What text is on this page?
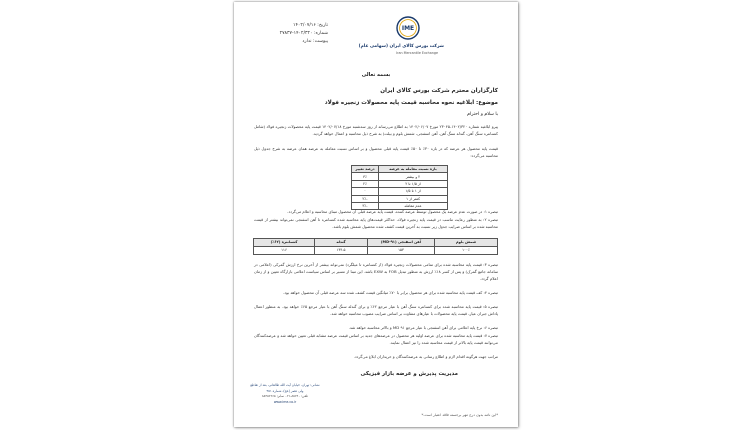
تاریخ: ۱۴۰۲/۰۷/۱۶
شماره: ۱۴۰۲/۳۲۰-۲۷۸۳۷
پیوست: ندارد
IME
شرکت بورس کالای ایران (سهامی عام)
Iran Mercantile Exchange
بسمه تعالی
کارگزاران محترم شرکت بورس کالای ایران
موضوع: ابلاغیه نحوه محاسبه قیمت پایه محصولات زنجیره فولاد
با سلام و احترام
پیرو ابلاغیه شماره ۱۴۰۲/۳۲۰-۲۳۰۴۵ مورخ ۱۴۰۲/۰۶/۰۷ به اطلاع می‌رساند از روز سه‌شنبه مورخ ۱۴۰۲/۰۷/۱۸ قیمت پایه محصولات زنجیره فولاد (شامل کنسانتره سنگ آهن، گندله سنگ آهن، آهن اسفنجی، شمش بلوم و بیلت) به شرح ذیل محاسبه و اعمال خواهد گردید.
قیمت پایه محصول هر عرضه که در بازه ۳۰٪ تا ۵۰٪ قیمت پایه قبلی محصول و بر اساس نسبت معامله به عرضه همان عرضه به شرح جدول ذیل محاسبه می‌گردد:
بازه نسبت معامله به عرضه	درصد تغییر
۲ و بیشتر	۳٪
از ۱/۵ تا ۲	۲٪
از ۱ تا ۱/۵	۰
کمتر از ۱	-۲٪
عدم معامله	-۳٪
تبصره ۱: در صورت عدم عرضه یک محصول توسط عرضه کننده، قیمت پایه عرضه قبلی آن محصول مبنای محاسبه و اعلام می‌گردد.
تبصره ۲: به منظور رعایت تناسب در قیمت پایه زنجیره فولاد، حداکثر قیمت‌های پایه محاسبه شده کنسانتره تا آهن اسفنجی نمی‌تواند بیشتر از قیمت محاسبه شده بر اساس ضرایب جدول زیر نسبت به آخرین قیمت کشف شده محصول شمش بلوم باشد.
شمش بلوم	آهن اسفنجی (۹۱-MD)	گندله	کنسانتره (۶۲٪)
۱۰۰٪	۱۵۳	۱۴۴.۵	۱۱۶
تبصره ۳: قیمت پایه محاسبه شده برای تمامی محصولات زنجیره فولاد (از کنسانتره تا میلگرد) نمی‌تواند بیشتر از آخرین نرخ ارزش گمرکی (اعلامی در سامانه جامع گمرک) و پس از کسر ۱۸٪ ارزش به منظور تبدیل FOB به EXW باشد. این مبنا از مسیر بر اساس سیاست اعلامی بازارگاه تعیین و از زمان اعلام گردد.
تبصره ۴: کف قیمت پایه محاسبه شده برای هر محصول برابر با ۷۰٪ میانگین قیمت کشف شده سه عرضه قبلی آن محصول خواهد بود.
تبصره ۵: قیمت پایه محاسبه شده برای کنسانتره سنگ آهن با عیار مرجع ۶۲٪ و برای گندله سنگ آهن با عیار مرجع ۶۵٪ خواهد بود. به منظور اعمال پاداش جبران عیار، قیمت پایه محصولات با عیارهای متفاوت بر اساس ضرایب مصوب محاسبه خواهد شد.
تبصره ۶: نرخ پایه اعلامی برای آهن اسفنجی با عیار مرجع ۹۱ MD و بالاتر محاسبه خواهد شد.
تبصره ۷: قیمت پایه محاسبه شده برای عرضه اولیه هر محصول در عرضه‌های جدید بر اساس قیمت عرضه مشابه قبلی تعیین خواهد شد و عرضه‌کنندگان می‌توانند قیمت پایه بالاتر از قیمت محاسبه شده را نیز اعمال نمایند.
مراتب جهت هرگونه اقدام لازم و اطلاع رسانی به عرضه‌کنندگان و خریداران ابلاغ می‌گردد.
مدیریت پذیرش و عرضه بازار فیزیکی
نشانی: تهران، خیابان آیت الله طالقانی، بعد از تقاطع ولی عصر (عج)، شماره ۳۵۱
تلفن: ۸۵۶۴۰-۰۲۱ نمابر: ۸۸۴۵۶۹۶۵
www.ime.co.ir
*این نامه بدون درج مهر برجسته فاقد اعتبار است.*
